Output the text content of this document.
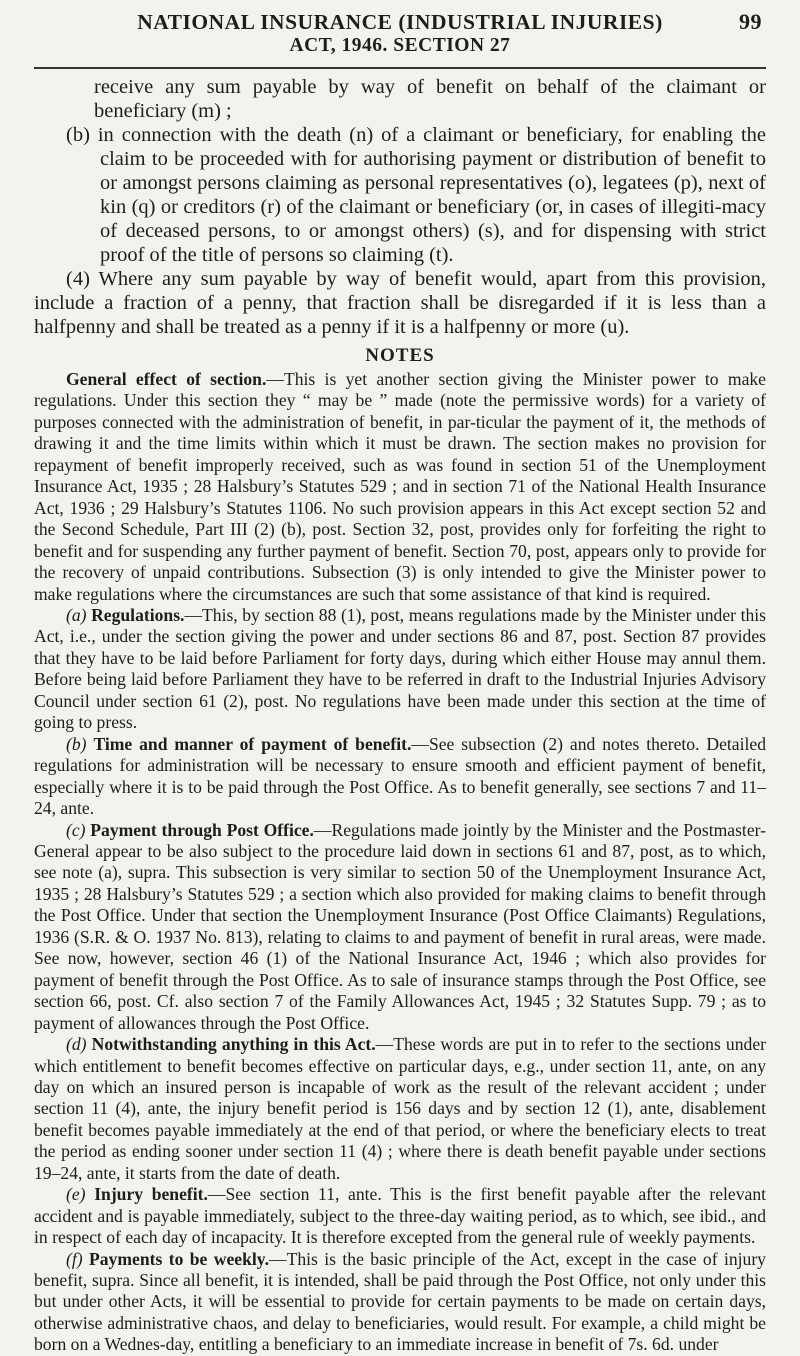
NATIONAL INSURANCE (INDUSTRIAL INJURIES)	99
ACT, 1946. SECTION 27

receive any sum payable by way of benefit on behalf of the claimant or beneficiary (m) ;

(b) in connection with the death (n) of a claimant or beneficiary, for enabling the claim to be proceeded with for authorising payment or distribution of benefit to or amongst persons claiming as personal representatives (o), legatees (p), next of kin (q) or creditors (r) of the claimant or beneficiary (or, in cases of illegiti-macy of deceased persons, to or amongst others) (s), and for dispensing with strict proof of the title of persons so claiming (t).

(4) Where any sum payable by way of benefit would, apart from this provision, include a fraction of a penny, that fraction shall be disregarded if it is less than a halfpenny and shall be treated as a penny if it is a halfpenny or more (u).

NOTES

General effect of section.—This is yet another section giving the Minister power to make regulations. Under this section they “ may be ” made (note the permissive words) for a variety of purposes connected with the administration of benefit, in par-ticular the payment of it, the methods of drawing it and the time limits within which it must be drawn. The section makes no provision for repayment of benefit improperly received, such as was found in section 51 of the Unemployment Insurance Act, 1935 ; 28 Halsbury’s Statutes 529 ; and in section 71 of the National Health Insurance Act, 1936 ; 29 Halsbury’s Statutes 1106. No such provision appears in this Act except section 52 and the Second Schedule, Part III (2) (b), post. Section 32, post, provides only for forfeiting the right to benefit and for suspending any further payment of benefit. Section 70, post, appears only to provide for the recovery of unpaid contributions. Subsection (3) is only intended to give the Minister power to make regulations where the circumstances are such that some assistance of that kind is required.

(a) Regulations.—This, by section 88 (1), post, means regulations made by the Minister under this Act, i.e., under the section giving the power and under sections 86 and 87, post. Section 87 provides that they have to be laid before Parliament for forty days, during which either House may annul them. Before being laid before Parliament they have to be referred in draft to the Industrial Injuries Advisory Council under section 61 (2), post. No regulations have been made under this section at the time of going to press.

(b) Time and manner of payment of benefit.—See subsection (2) and notes thereto. Detailed regulations for administration will be necessary to ensure smooth and efficient payment of benefit, especially where it is to be paid through the Post Office. As to benefit generally, see sections 7 and 11–24, ante.

(c) Payment through Post Office.—Regulations made jointly by the Minister and the Postmaster-General appear to be also subject to the procedure laid down in sections 61 and 87, post, as to which, see note (a), supra. This subsection is very similar to section 50 of the Unemployment Insurance Act, 1935 ; 28 Halsbury’s Statutes 529 ; a section which also provided for making claims to benefit through the Post Office. Under that section the Unemployment Insurance (Post Office Claimants) Regulations, 1936 (S.R. & O. 1937 No. 813), relating to claims to and payment of benefit in rural areas, were made. See now, however, section 46 (1) of the National Insurance Act, 1946 ; which also provides for payment of benefit through the Post Office. As to sale of insurance stamps through the Post Office, see section 66, post. Cf. also section 7 of the Family Allowances Act, 1945 ; 32 Statutes Supp. 79 ; as to payment of allowances through the Post Office.

(d) Notwithstanding anything in this Act.—These words are put in to refer to the sections under which entitlement to benefit becomes effective on particular days, e.g., under section 11, ante, on any day on which an insured person is incapable of work as the result of the relevant accident ; under section 11 (4), ante, the injury benefit period is 156 days and by section 12 (1), ante, disablement benefit becomes payable immediately at the end of that period, or where the beneficiary elects to treat the period as ending sooner under section 11 (4) ; where there is death benefit payable under sections 19–24, ante, it starts from the date of death.

(e) Injury benefit.—See section 11, ante. This is the first benefit payable after the relevant accident and is payable immediately, subject to the three-day waiting period, as to which, see ibid., and in respect of each day of incapacity. It is therefore excepted from the general rule of weekly payments.

(f) Payments to be weekly.—This is the basic principle of the Act, except in the case of injury benefit, supra. Since all benefit, it is intended, shall be paid through the Post Office, not only under this but under other Acts, it will be essential to provide for certain payments to be made on certain days, otherwise administrative chaos, and delay to beneficiaries, would result. For example, a child might be born on a Wednes-day, entitling a beneficiary to an immediate increase in benefit of 7s. 6d. under
